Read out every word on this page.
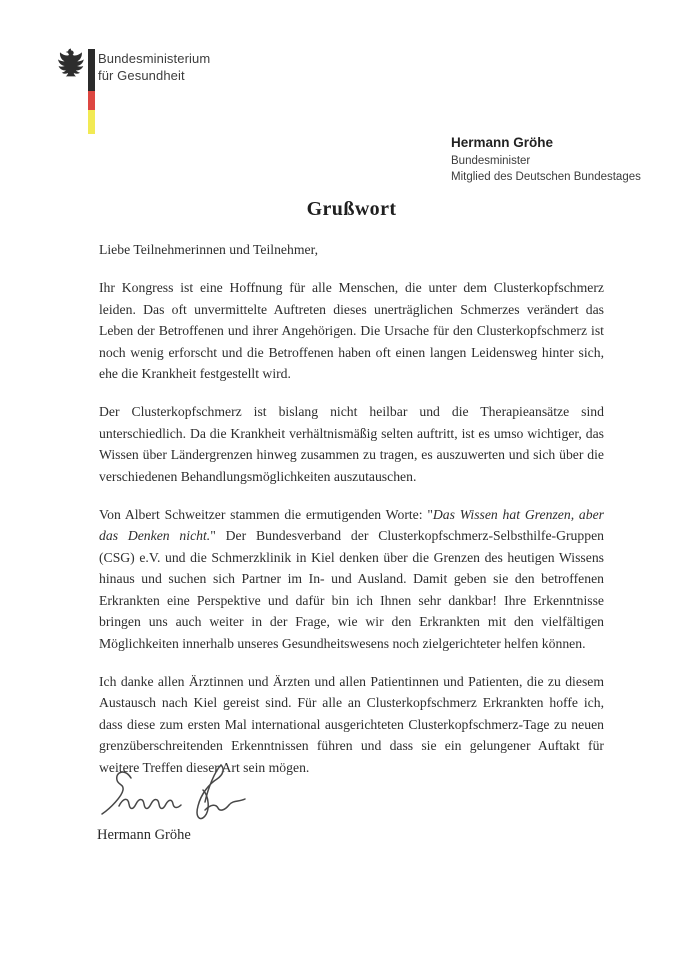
Bundesministerium
für Gesundheit
Hermann Gröhe
Bundesminister
Mitglied des Deutschen Bundestages
Grußwort

Liebe Teilnehmerinnen und Teilnehmer,

Ihr Kongress ist eine Hoffnung für alle Menschen, die unter dem Clusterkopfschmerz leiden. Das oft unvermittelte Auftreten dieses unerträglichen Schmerzes verändert das Leben der Betroffenen und ihrer Angehörigen. Die Ursache für den Clusterkopfschmerz ist noch wenig erforscht und die Betroffenen haben oft einen langen Leidensweg hinter sich, ehe die Krankheit festgestellt wird.

Der Clusterkopfschmerz ist bislang nicht heilbar und die Therapieansätze sind unterschiedlich. Da die Krankheit verhältnismäßig selten auftritt, ist es umso wichtiger, das Wissen über Ländergrenzen hinweg zusammen zu tragen, es auszuwerten und sich über die verschiedenen Behandlungsmöglichkeiten auszutauschen.

Von Albert Schweitzer stammen die ermutigenden Worte: "Das Wissen hat Grenzen, aber das Denken nicht." Der Bundesverband der Clusterkopfschmerz-Selbsthilfe-Gruppen (CSG) e.V. und die Schmerzklinik in Kiel denken über die Grenzen des heutigen Wissens hinaus und suchen sich Partner im In- und Ausland. Damit geben sie den betroffenen Erkrankten eine Perspektive und dafür bin ich Ihnen sehr dankbar! Ihre Erkenntnisse bringen uns auch weiter in der Frage, wie wir den Erkrankten mit den vielfältigen Möglichkeiten innerhalb unseres Gesundheitswesens noch zielgerichteter helfen können.

Ich danke allen Ärztinnen und Ärzten und allen Patientinnen und Patienten, die zu diesem Austausch nach Kiel gereist sind. Für alle an Clusterkopfschmerz Erkrankten hoffe ich, dass diese zum ersten Mal international ausgerichteten Clusterkopfschmerz-Tage zu neuen grenzüberschreitenden Erkenntnissen führen und dass sie ein gelungener Auftakt für weitere Treffen dieser Art sein mögen.

Hermann Gröhe
